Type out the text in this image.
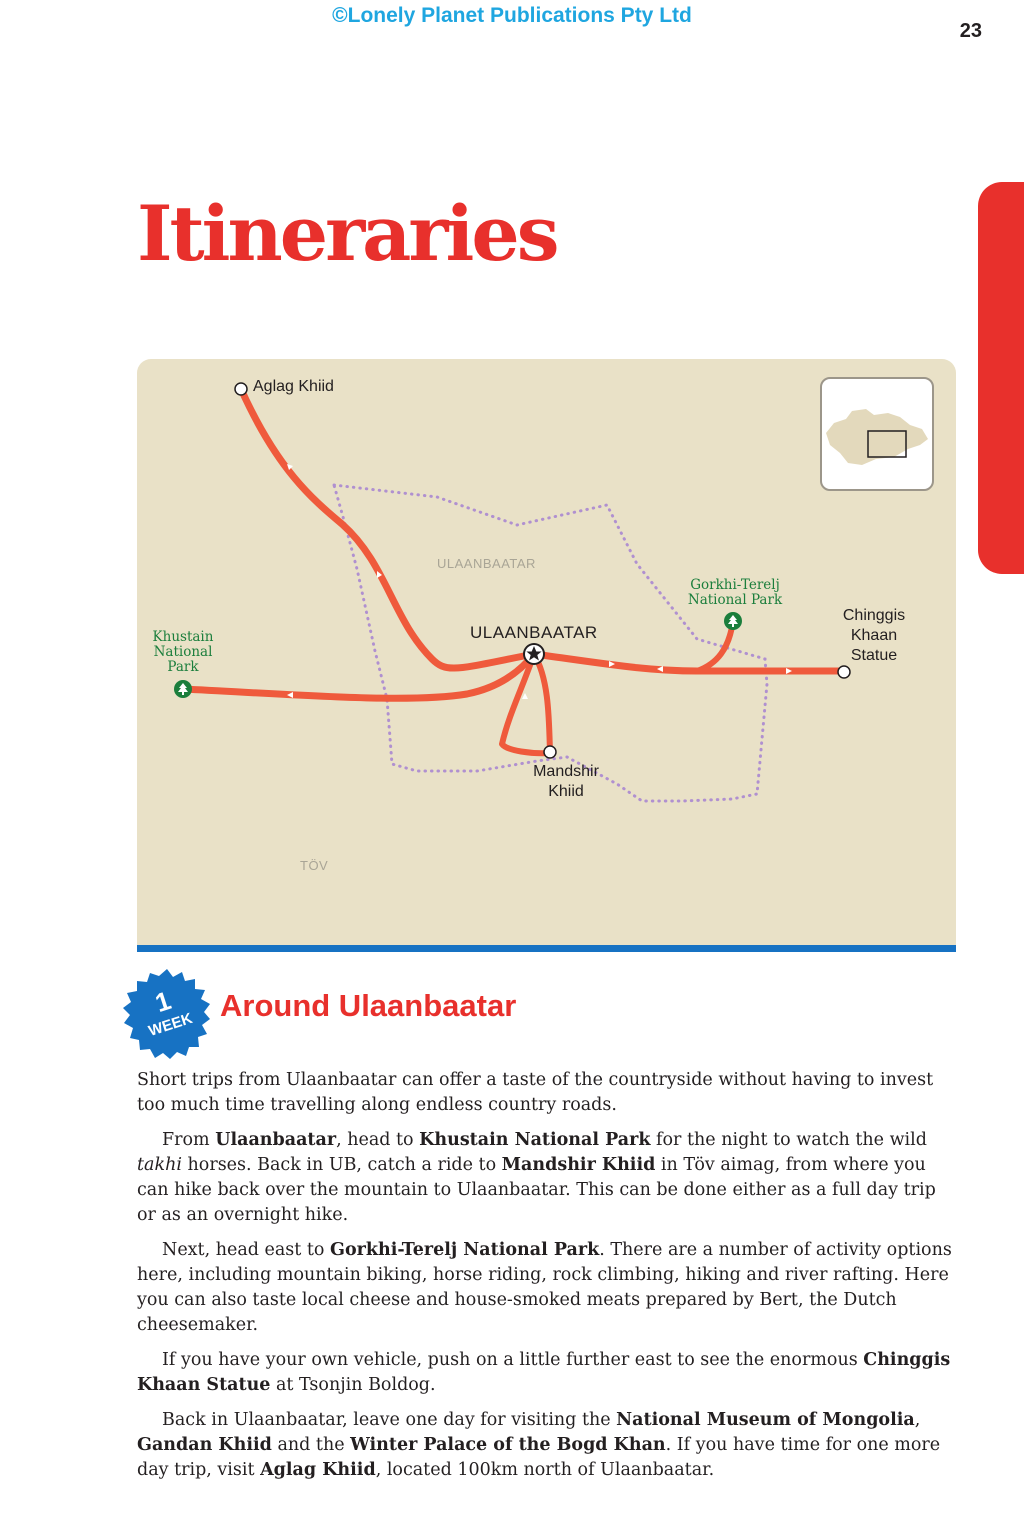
©Lonely Planet Publications Pty Ltd
23
Itineraries
Aglag Khiid
ULAANBAATAR
ULAANBAATAR
TÖV
Khustain
National
Park
Gorkhi-Terelj
National Park
Mandshir
Khiid
Chinggis
Khaan
Statue
1
WEEK
Around Ulaanbaatar

Short trips from Ulaanbaatar can offer a taste of the countryside without having to invest too much time travelling along endless country roads.

From Ulaanbaatar, head to Khustain National Park for the night to watch the wild takhi horses. Back in UB, catch a ride to Mandshir Khiid in Töv aimag, from where you can hike back over the mountain to Ulaanbaatar. This can be done either as a full day trip or as an overnight hike.

Next, head east to Gorkhi-Terelj National Park. There are a number of activity options here, including mountain biking, horse riding, rock climbing, hiking and river rafting. Here you can also taste local cheese and house-smoked meats prepared by Bert, the Dutch cheesemaker.

If you have your own vehicle, push on a little further east to see the enormous Chinggis Khaan Statue at Tsonjin Boldog.

Back in Ulaanbaatar, leave one day for visiting the National Museum of Mongolia, Gandan Khiid and the Winter Palace of the Bogd Khan. If you have time for one more day trip, visit Aglag Khiid, located 100km north of Ulaanbaatar.
